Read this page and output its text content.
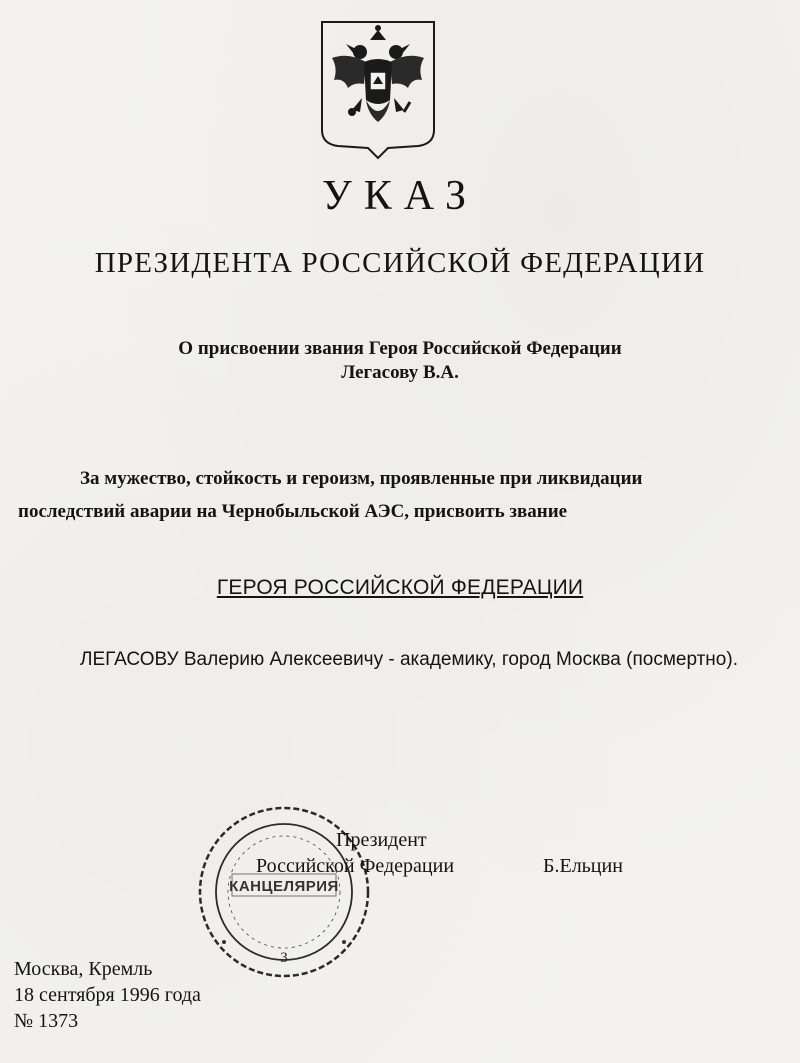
УКАЗ
ПРЕЗИДЕНТА РОССИЙСКОЙ ФЕДЕРАЦИИ
О присвоении звания Героя Российской Федерации
Легасову В.А.
За мужество, стойкость и героизм, проявленные при ликвидации
последствий аварии на Чернобыльской АЭС, присвоить звание
ГЕРОЯ РОССИЙСКОЙ ФЕДЕРАЦИИ
ЛЕГАСОВУ Валерию Алексеевичу - академику, город Москва (посмертно).
КАНЦЕЛЯРИЯ
3
Президент
Российской Федерации	Б.Ельцин
Москва, Кремль
18 сентября 1996 года
№ 1373
